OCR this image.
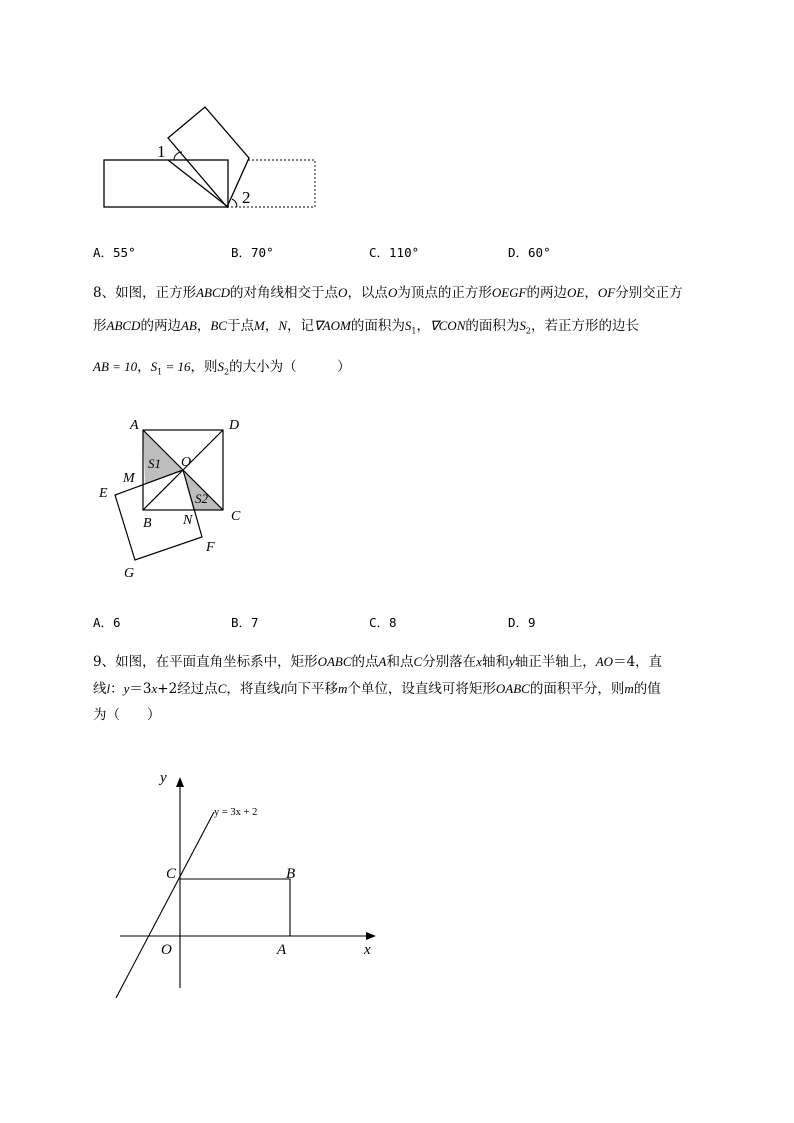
1
2
A．55°	B．70°	C．110°	D．60°
8、如图，正方形ABCD的对角线相交于点O，以点O为顶点的正方形OEGF的两边OE，OF分别交正方
形ABCD的两边AB，BC于点M，N，记∇AOM的面积为$S_1$，∇CON的面积为$S_2$，若正方形的边长
AB = 10，$S_1 = 16$，则$S_2$的大小为（　　　）
A	D
O
S1
M
E	S2
B N	C
F
G
A．6	B．7	C．8	D．9
9、如图，在平面直角坐标系中，矩形OABC的点A和点C分别落在x轴和y轴正半轴上，AO＝4，直
线l：y＝3x+2经过点C，将直线l向下平移m个单位，设直线可将矩形OABC的面积平分，则m的值
为（　　）
y
y = 3x + 2
C	B
O	A	x
